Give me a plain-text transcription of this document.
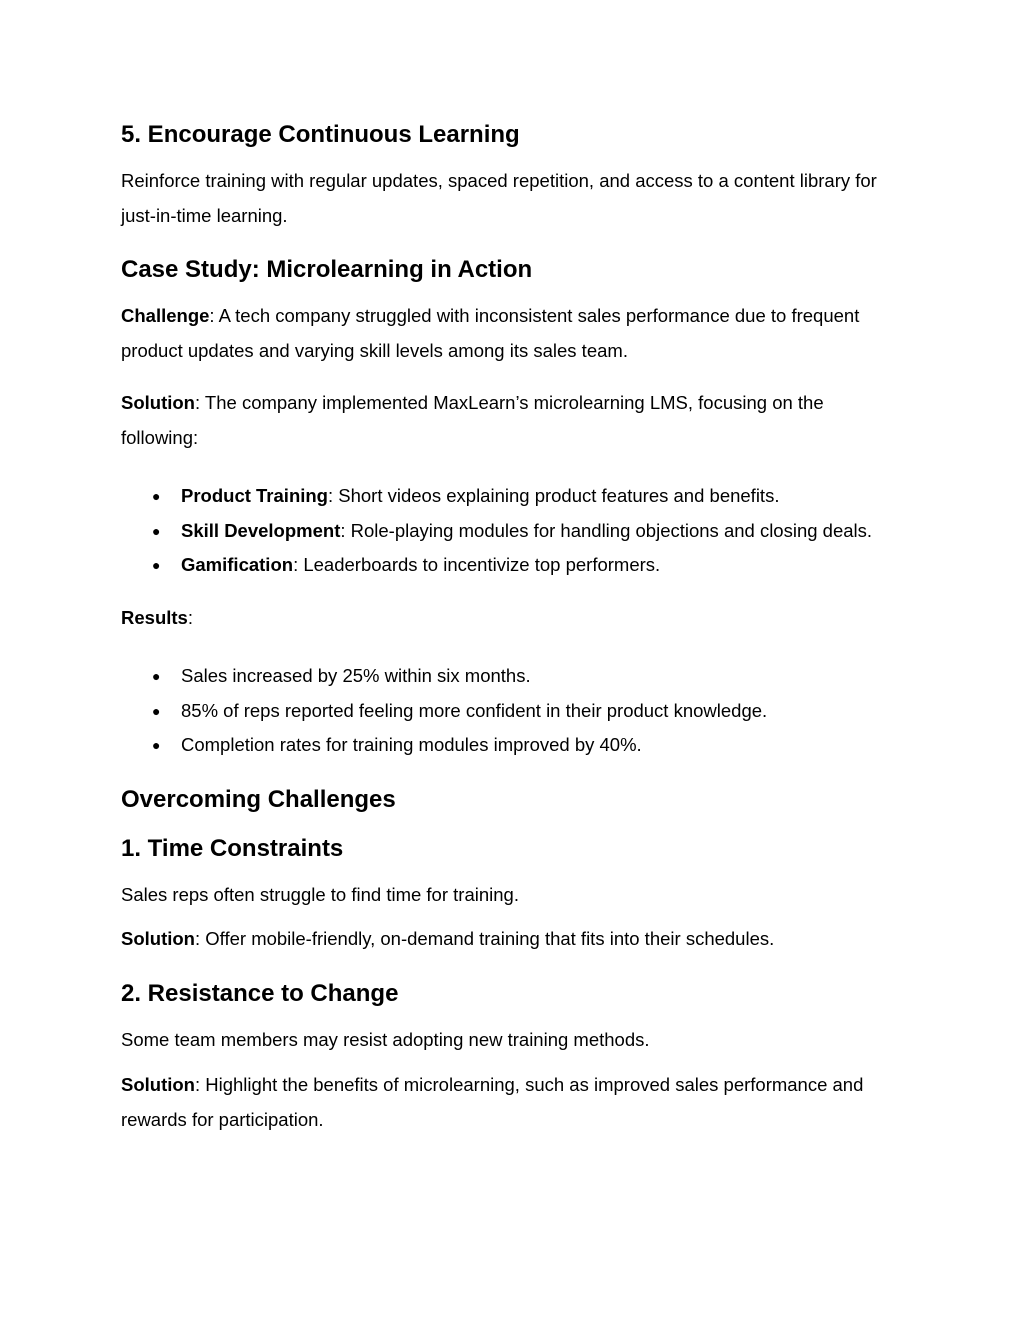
5. Encourage Continuous Learning

Reinforce training with regular updates, spaced repetition, and access to a content library for just-in-time learning.

Case Study: Microlearning in Action

Challenge: A tech company struggled with inconsistent sales performance due to frequent product updates and varying skill levels among its sales team.

Solution: The company implemented MaxLearn’s microlearning LMS, focusing on the following:

● Product Training: Short videos explaining product features and benefits.
● Skill Development: Role-playing modules for handling objections and closing deals.
● Gamification: Leaderboards to incentivize top performers.

Results:

● Sales increased by 25% within six months.
● 85% of reps reported feeling more confident in their product knowledge.
● Completion rates for training modules improved by 40%.
Overcoming Challenges
1. Time Constraints

Sales reps often struggle to find time for training.

Solution: Offer mobile-friendly, on-demand training that fits into their schedules.

2. Resistance to Change

Some team members may resist adopting new training methods.

Solution: Highlight the benefits of microlearning, such as improved sales performance and rewards for participation.
